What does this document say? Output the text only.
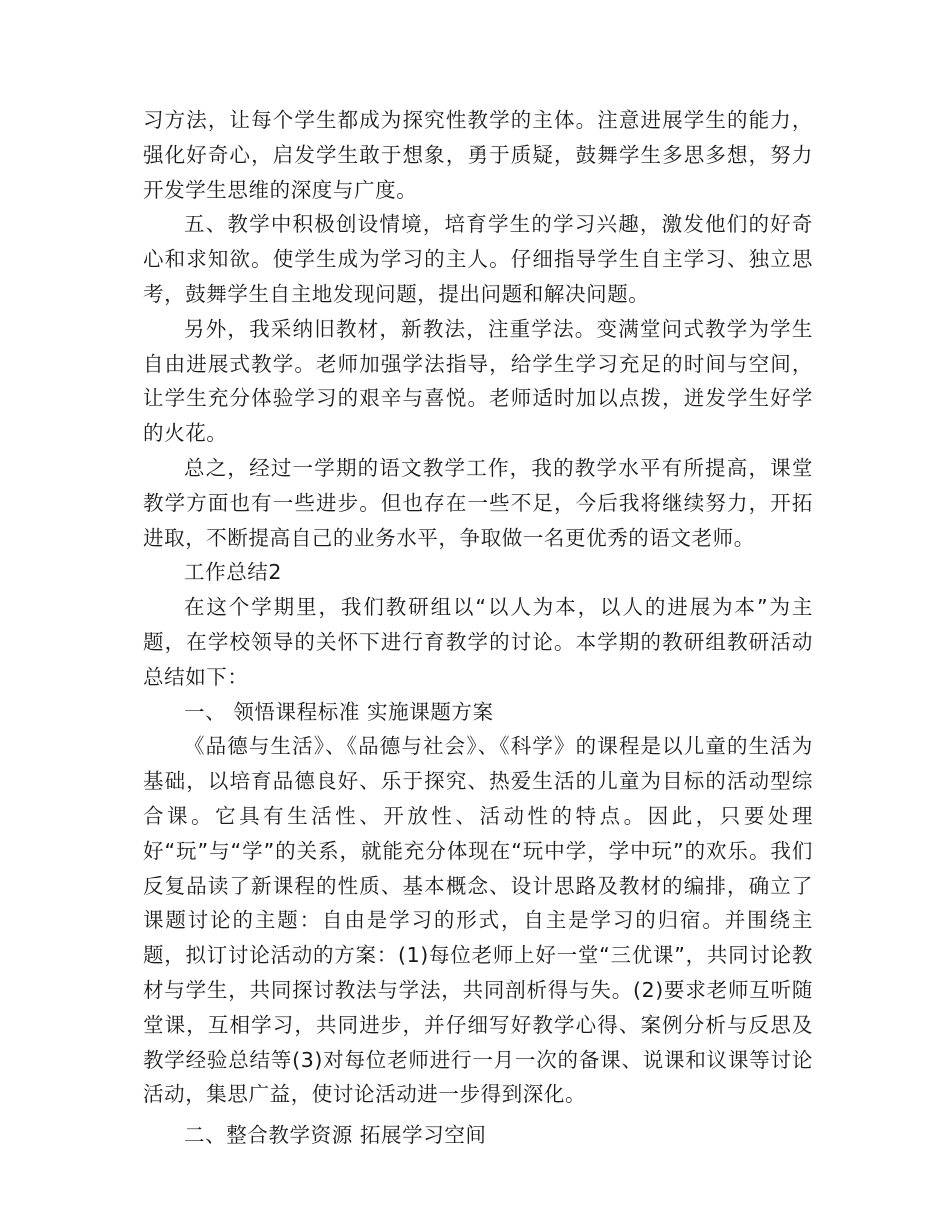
习方法，让每个学生都成为探究性教学的主体。注意进展学生的能力，强化好奇心，启发学生敢于想象，勇于质疑，鼓舞学生多思多想，努力开发学生思维的深度与广度。

五、教学中积极创设情境，培育学生的学习兴趣，激发他们的好奇心和求知欲。使学生成为学习的主人。仔细指导学生自主学习、独立思考，鼓舞学生自主地发现问题，提出问题和解决问题。

另外，我采纳旧教材，新教法，注重学法。变满堂问式教学为学生自由进展式教学。老师加强学法指导，给学生学习充足的时间与空间，让学生充分体验学习的艰辛与喜悦。老师适时加以点拨，迸发学生好学的火花。

总之，经过一学期的语文教学工作，我的教学水平有所提高，课堂教学方面也有一些进步。但也存在一些不足，今后我将继续努力，开拓进取，不断提高自己的业务水平，争取做一名更优秀的语文老师。

工作总结2

在这个学期里，我们教研组以“以人为本，以人的进展为本”为主题，在学校领导的关怀下进行育教学的讨论。本学期的教研组教研活动总结如下：

一、 领悟课程标准 实施课题方案

《品德与生活》、《品德与社会》、《科学》的课程是以儿童的生活为基础，以培育品德良好、乐于探究、热爱生活的儿童为目标的活动型综合课。它具有生活性、开放性、活动性的特点。因此，只要处理好“玩”与“学”的关系，就能充分体现在“玩中学，学中玩”的欢乐。我们反复品读了新课程的性质、基本概念、设计思路及教材的编排，确立了课题讨论的主题：自由是学习的形式，自主是学习的归宿。并围绕主题，拟订讨论活动的方案：(1)每位老师上好一堂“三优课”，共同讨论教材与学生，共同探讨教法与学法，共同剖析得与失。(2)要求老师互听随堂课，互相学习，共同进步，并仔细写好教学心得、案例分析与反思及教学经验总结等(3)对每位老师进行一月一次的备课、说课和议课等讨论活动，集思广益，使讨论活动进一步得到深化。

二、整合教学资源 拓展学习空间
